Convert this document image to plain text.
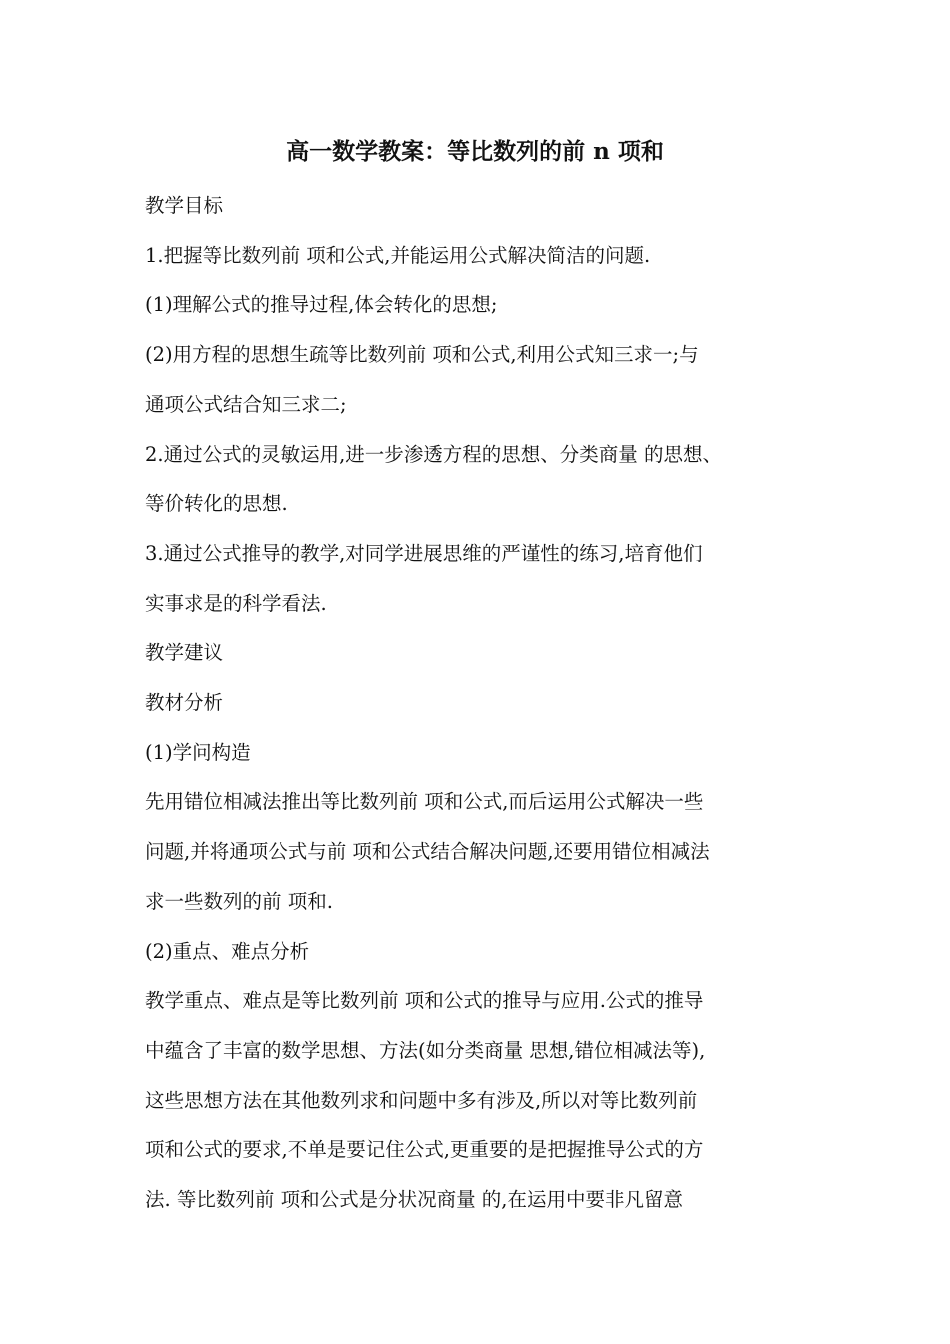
高一数学教案：等比数列的前 n 项和

教学目标

1.把握等比数列前 项和公式,并能运用公式解决简洁的问题.

(1)理解公式的推导过程,体会转化的思想;

(2)用方程的思想生疏等比数列前 项和公式,利用公式知三求一;与

通项公式结合知三求二;

2.通过公式的灵敏运用,进一步渗透方程的思想、分类商量 的思想、

等价转化的思想.

3.通过公式推导的教学,对同学进展思维的严谨性的练习,培育他们

实事求是的科学看法.

教学建议

教材分析

(1)学问构造

先用错位相减法推出等比数列前 项和公式,而后运用公式解决一些

问题,并将通项公式与前 项和公式结合解决问题,还要用错位相减法

求一些数列的前 项和.

(2)重点、难点分析

教学重点、难点是等比数列前 项和公式的推导与应用.公式的推导

中蕴含了丰富的数学思想、方法(如分类商量 思想,错位相减法等),

这些思想方法在其他数列求和问题中多有涉及,所以对等比数列前

项和公式的要求,不单是要记住公式,更重要的是把握推导公式的方

法. 等比数列前 项和公式是分状况商量 的,在运用中要非凡留意
